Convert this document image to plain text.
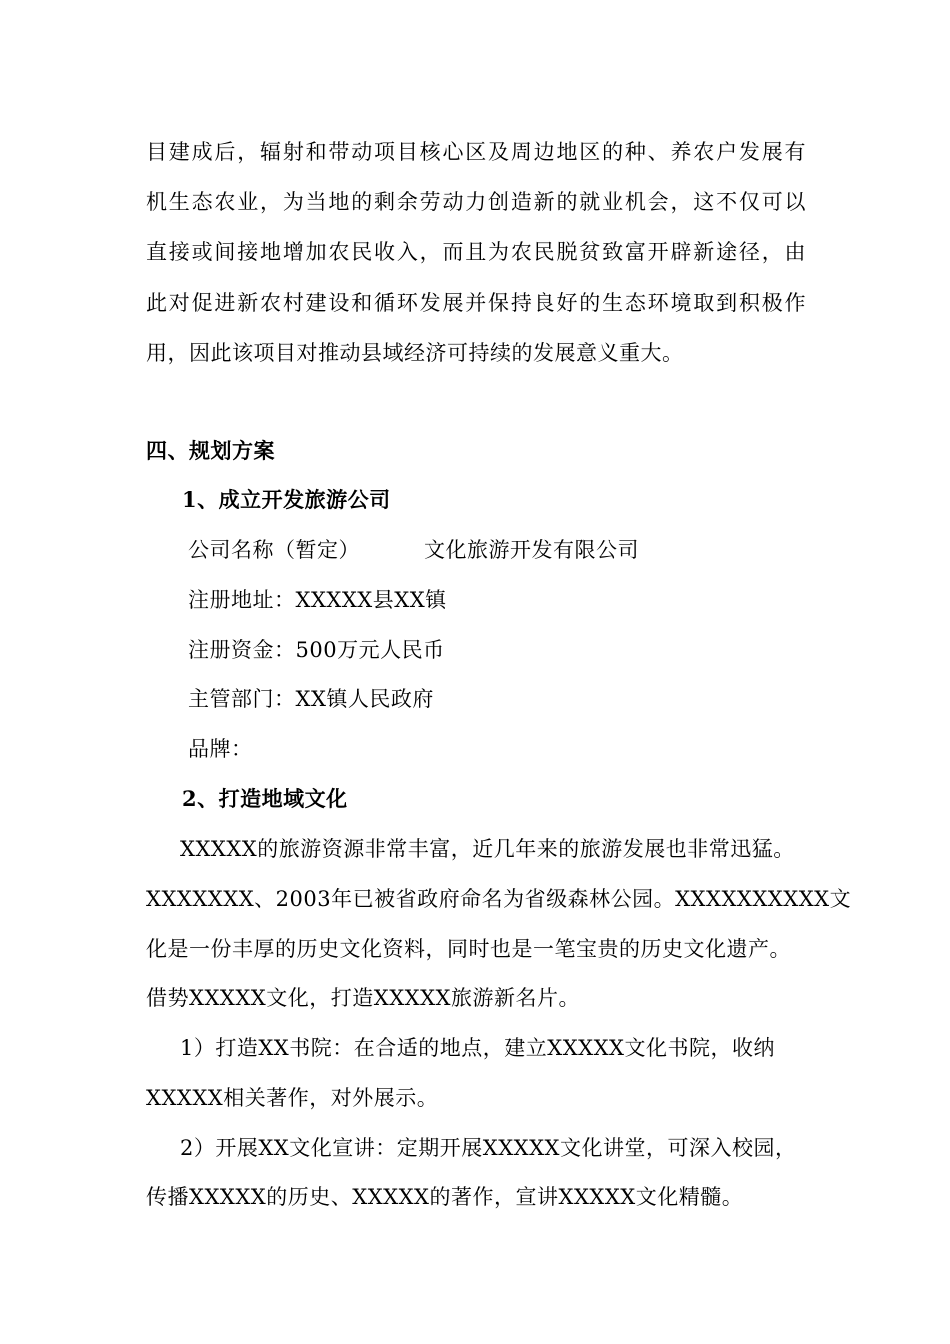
目建成后，辐射和带动项目核心区及周边地区的种、养农户发展有
机生态农业，为当地的剩余劳动力创造新的就业机会，这不仅可以
直接或间接地增加农民收入，而且为农民脱贫致富开辟新途径，由
此对促进新农村建设和循环发展并保持良好的生态环境取到积极作
用，因此该项目对推动县域经济可持续的发展意义重大。
四、规划方案
1、成立开发旅游公司
公司名称（暂定）	文化旅游开发有限公司
注册地址：XXXXX县XX镇
注册资金：500万元人民币
主管部门：XX镇人民政府
品牌：
2、打造地域文化
XXXXX的旅游资源非常丰富，近几年来的旅游发展也非常迅猛。
XXXXXXX、2003年已被省政府命名为省级森林公园。XXXXXXXXXX文
化是一份丰厚的历史文化资料，同时也是一笔宝贵的历史文化遗产。
借势XXXXX文化，打造XXXXX旅游新名片。
1）打造XX书院：在合适的地点，建立XXXXX文化书院，收纳
XXXXX相关著作，对外展示。
2）开展XX文化宣讲：定期开展XXXXX文化讲堂，可深入校园，
传播XXXXX的历史、XXXXX的著作，宣讲XXXXX文化精髓。
